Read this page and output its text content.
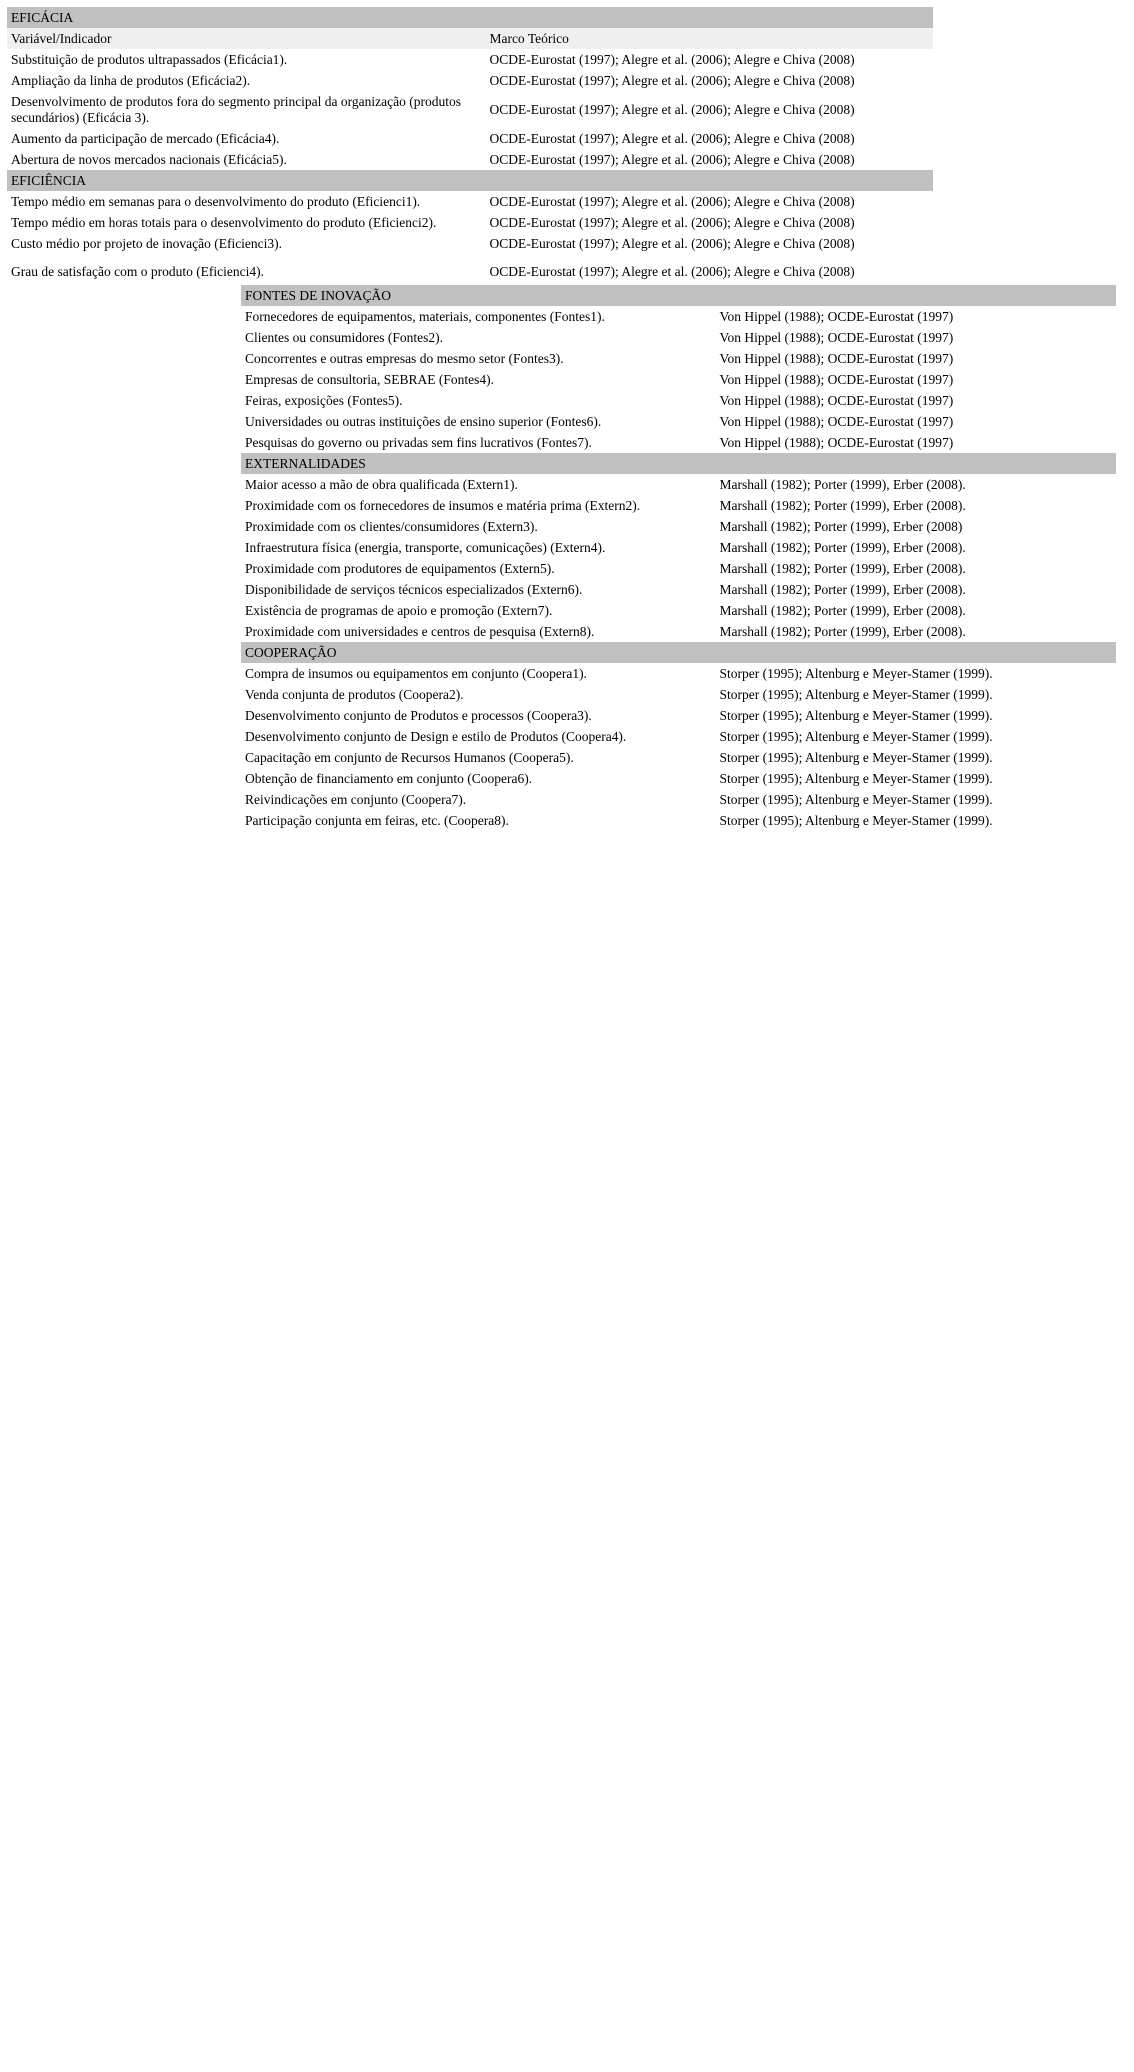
EFICÁCIA	
Variável/Indicador	Marco Teórico
Substituição de produtos ultrapassados (Eficácia1).	OCDE-Eurostat (1997); Alegre et al. (2006); Alegre e Chiva (2008)
Ampliação da linha de produtos (Eficácia2).	OCDE-Eurostat (1997); Alegre et al. (2006); Alegre e Chiva (2008)
Desenvolvimento de produtos fora do segmento principal da organização (produtos secundários) (Eficácia 3).	OCDE-Eurostat (1997); Alegre et al. (2006); Alegre e Chiva (2008)
Aumento da participação de mercado (Eficácia4).	OCDE-Eurostat (1997); Alegre et al. (2006); Alegre e Chiva (2008)
Abertura de novos mercados nacionais (Eficácia5).	OCDE-Eurostat (1997); Alegre et al. (2006); Alegre e Chiva (2008)
EFICIÊNCIA	
Tempo médio em semanas para o desenvolvimento do produto (Eficienci1).	OCDE-Eurostat (1997); Alegre et al. (2006); Alegre e Chiva (2008)
Tempo médio em horas totais para o desenvolvimento do produto (Eficienci2).	OCDE-Eurostat (1997); Alegre et al. (2006); Alegre e Chiva (2008)
Custo médio por projeto de inovação (Eficienci3).	OCDE-Eurostat (1997); Alegre et al. (2006); Alegre e Chiva (2008)
Grau de satisfação com o produto (Eficienci4).	OCDE-Eurostat (1997); Alegre et al. (2006); Alegre e Chiva (2008)
FONTES DE INOVAÇÃO	
Fornecedores de equipamentos, materiais, componentes (Fontes1).	Von Hippel (1988); OCDE-Eurostat (1997)
Clientes ou consumidores (Fontes2).	Von Hippel (1988); OCDE-Eurostat (1997)
Concorrentes e outras empresas do mesmo setor (Fontes3).	Von Hippel (1988); OCDE-Eurostat (1997)
Empresas de consultoria, SEBRAE (Fontes4).	Von Hippel (1988); OCDE-Eurostat (1997)
Feiras, exposições (Fontes5).	Von Hippel (1988); OCDE-Eurostat (1997)
Universidades ou outras instituições de ensino superior (Fontes6).	Von Hippel (1988); OCDE-Eurostat (1997)
Pesquisas do governo ou privadas sem fins lucrativos (Fontes7).	Von Hippel (1988); OCDE-Eurostat (1997)
EXTERNALIDADES	
Maior acesso a mão de obra qualificada (Extern1).	Marshall (1982); Porter (1999), Erber (2008).
Proximidade com os fornecedores de insumos e matéria prima (Extern2).	Marshall (1982); Porter (1999), Erber (2008).
Proximidade com os clientes/consumidores (Extern3).	Marshall (1982); Porter (1999), Erber (2008)
Infraestrutura física (energia, transporte, comunicações) (Extern4).	Marshall (1982); Porter (1999), Erber (2008).
Proximidade com produtores de equipamentos (Extern5).	Marshall (1982); Porter (1999), Erber (2008).
Disponibilidade de serviços técnicos especializados (Extern6).	Marshall (1982); Porter (1999), Erber (2008).
Existência de programas de apoio e promoção (Extern7).	Marshall (1982); Porter (1999), Erber (2008).
Proximidade com universidades e centros de pesquisa (Extern8).	Marshall (1982); Porter (1999), Erber (2008).
COOPERAÇÃO	
Compra de insumos ou equipamentos em conjunto (Coopera1).	Storper (1995); Altenburg e Meyer-Stamer (1999).
Venda conjunta de produtos (Coopera2).	Storper (1995); Altenburg e Meyer-Stamer (1999).
Desenvolvimento conjunto de Produtos e processos (Coopera3).	Storper (1995); Altenburg e Meyer-Stamer (1999).
Desenvolvimento conjunto de Design e estilo de Produtos (Coopera4).	Storper (1995); Altenburg e Meyer-Stamer (1999).
Capacitação em conjunto de Recursos Humanos (Coopera5).	Storper (1995); Altenburg e Meyer-Stamer (1999).
Obtenção de financiamento em conjunto (Coopera6).	Storper (1995); Altenburg e Meyer-Stamer (1999).
Reivindicações em conjunto (Coopera7).	Storper (1995); Altenburg e Meyer-Stamer (1999).
Participação conjunta em feiras, etc. (Coopera8).	Storper (1995); Altenburg e Meyer-Stamer (1999).
